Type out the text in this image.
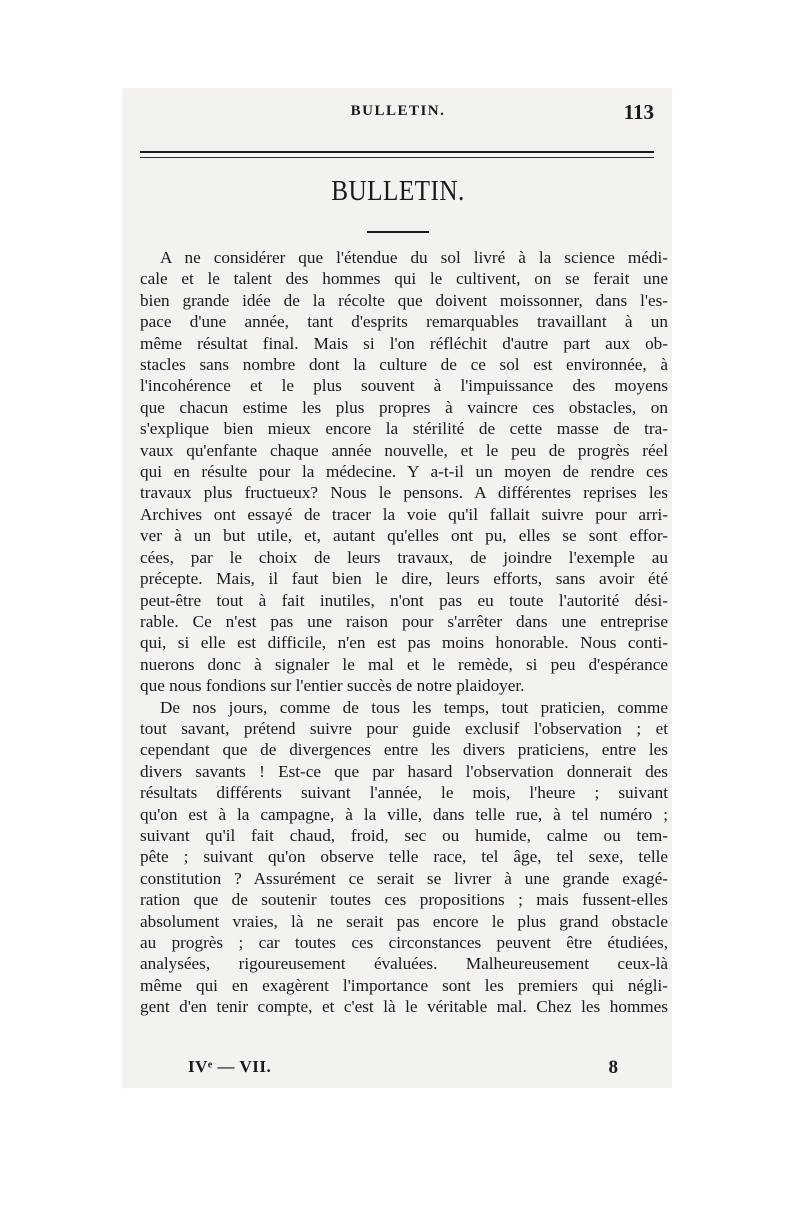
BULLETIN.	113
BULLETIN.

A ne considérer que l'étendue du sol livré à la science médi-
cale et le talent des hommes qui le cultivent, on se ferait une
bien grande idée de la récolte que doivent moissonner, dans l'es-
pace d'une année, tant d'esprits remarquables travaillant à un
même résultat final. Mais si l'on réfléchit d'autre part aux ob-
stacles sans nombre dont la culture de ce sol est environnée, à
l'incohérence et le plus souvent à l'impuissance des moyens
que chacun estime les plus propres à vaincre ces obstacles, on
s'explique bien mieux encore la stérilité de cette masse de tra-
vaux qu'enfante chaque année nouvelle, et le peu de progrès réel
qui en résulte pour la médecine. Y a-t-il un moyen de rendre ces
travaux plus fructueux? Nous le pensons. A différentes reprises les
Archives ont essayé de tracer la voie qu'il fallait suivre pour arri-
ver à un but utile, et, autant qu'elles ont pu, elles se sont effor-
cées, par le choix de leurs travaux, de joindre l'exemple au
précepte. Mais, il faut bien le dire, leurs efforts, sans avoir été
peut-être tout à fait inutiles, n'ont pas eu toute l'autorité dési-
rable. Ce n'est pas une raison pour s'arrêter dans une entreprise
qui, si elle est difficile, n'en est pas moins honorable. Nous conti-
nuerons donc à signaler le mal et le remède, si peu d'espérance
que nous fondions sur l'entier succès de notre plaidoyer.

De nos jours, comme de tous les temps, tout praticien, comme
tout savant, prétend suivre pour guide exclusif l'observation ; et
cependant que de divergences entre les divers praticiens, entre les
divers savants ! Est-ce que par hasard l'observation donnerait des
résultats différents suivant l'année, le mois, l'heure ; suivant
qu'on est à la campagne, à la ville, dans telle rue, à tel numéro ;
suivant qu'il fait chaud, froid, sec ou humide, calme ou tem-
pête ; suivant qu'on observe telle race, tel âge, tel sexe, telle
constitution ? Assurément ce serait se livrer à une grande exagé-
ration que de soutenir toutes ces propositions ; mais fussent-elles
absolument vraies, là ne serait pas encore le plus grand obstacle
au progrès ; car toutes ces circonstances peuvent être étudiées,
analysées, rigoureusement évaluées. Malheureusement ceux-là
même qui en exagèrent l'importance sont les premiers qui négli-
gent d'en tenir compte, et c'est là le véritable mal. Chez les hommes

IVᵉ — VII.	8
